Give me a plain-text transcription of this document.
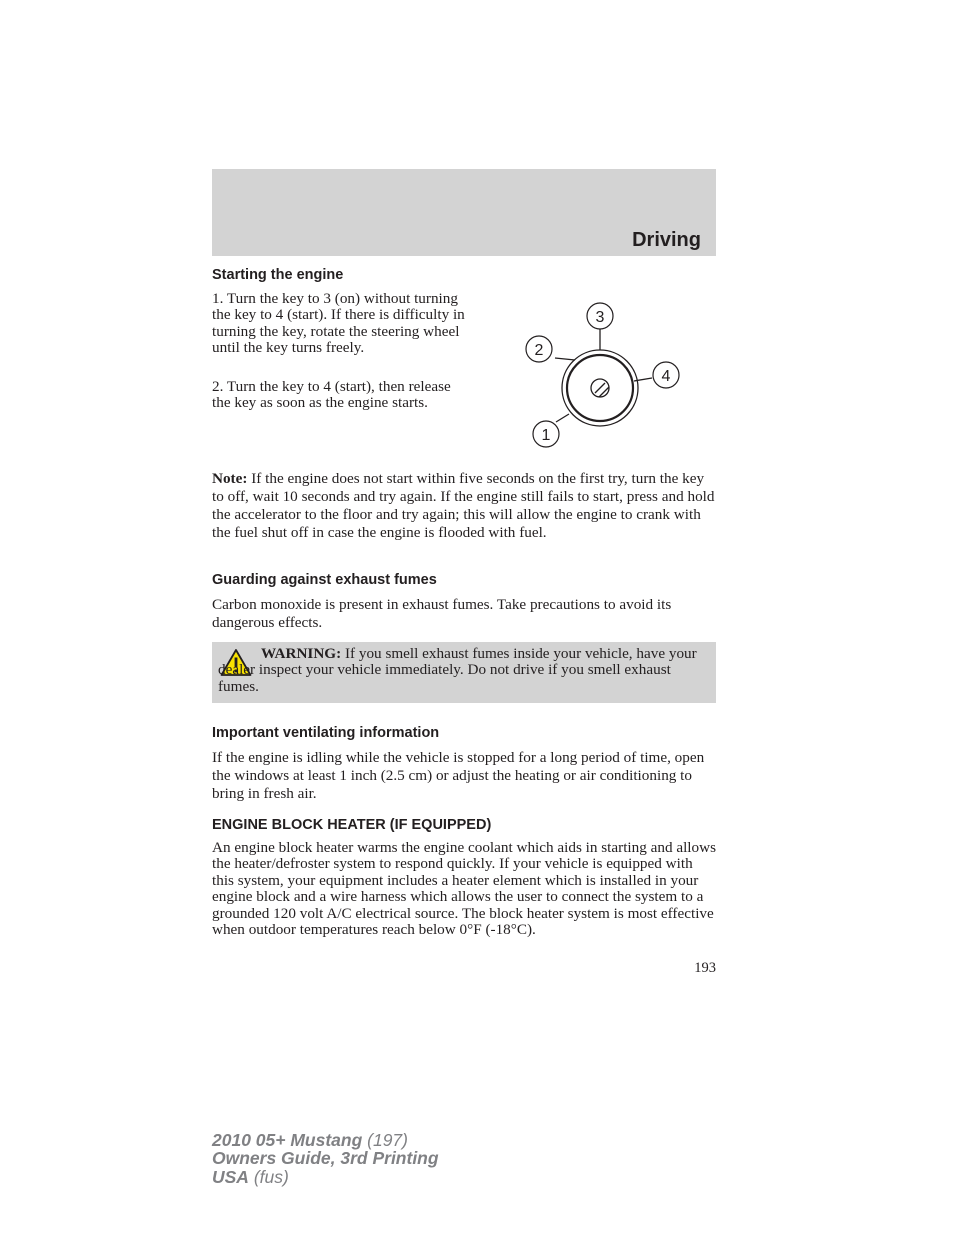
Driving
Starting the engine

1. Turn the key to 3 (on) without turning the key to 4 (start). If there is difficulty in turning the key, rotate the steering wheel until the key turns freely.

2. Turn the key to 4 (start), then release the key as soon as the engine starts.

3
2
4
1

Note: If the engine does not start within five seconds on the first try, turn the key to off, wait 10 seconds and try again. If the engine still fails to start, press and hold the accelerator to the floor and try again; this will allow the engine to crank with the fuel shut off in case the engine is flooded with fuel.

Guarding against exhaust fumes

Carbon monoxide is present in exhaust fumes. Take precautions to avoid its dangerous effects.

WARNING: If you smell exhaust fumes inside your vehicle, have your dealer inspect your vehicle immediately. Do not drive if you smell exhaust fumes.

Important ventilating information

If the engine is idling while the vehicle is stopped for a long period of time, open the windows at least 1 inch (2.5 cm) or adjust the heating or air conditioning to bring in fresh air.

ENGINE BLOCK HEATER (IF EQUIPPED)

An engine block heater warms the engine coolant which aids in starting and allows the heater/defroster system to respond quickly. If your vehicle is equipped with this system, your equipment includes a heater element which is installed in your engine block and a wire harness which allows the user to connect the system to a grounded 120 volt A/C electrical source. The block heater system is most effective when outdoor temperatures reach below 0°F (-18°C).

193
2010 05+ Mustang (197)
Owners Guide, 3rd Printing
USA (fus)
